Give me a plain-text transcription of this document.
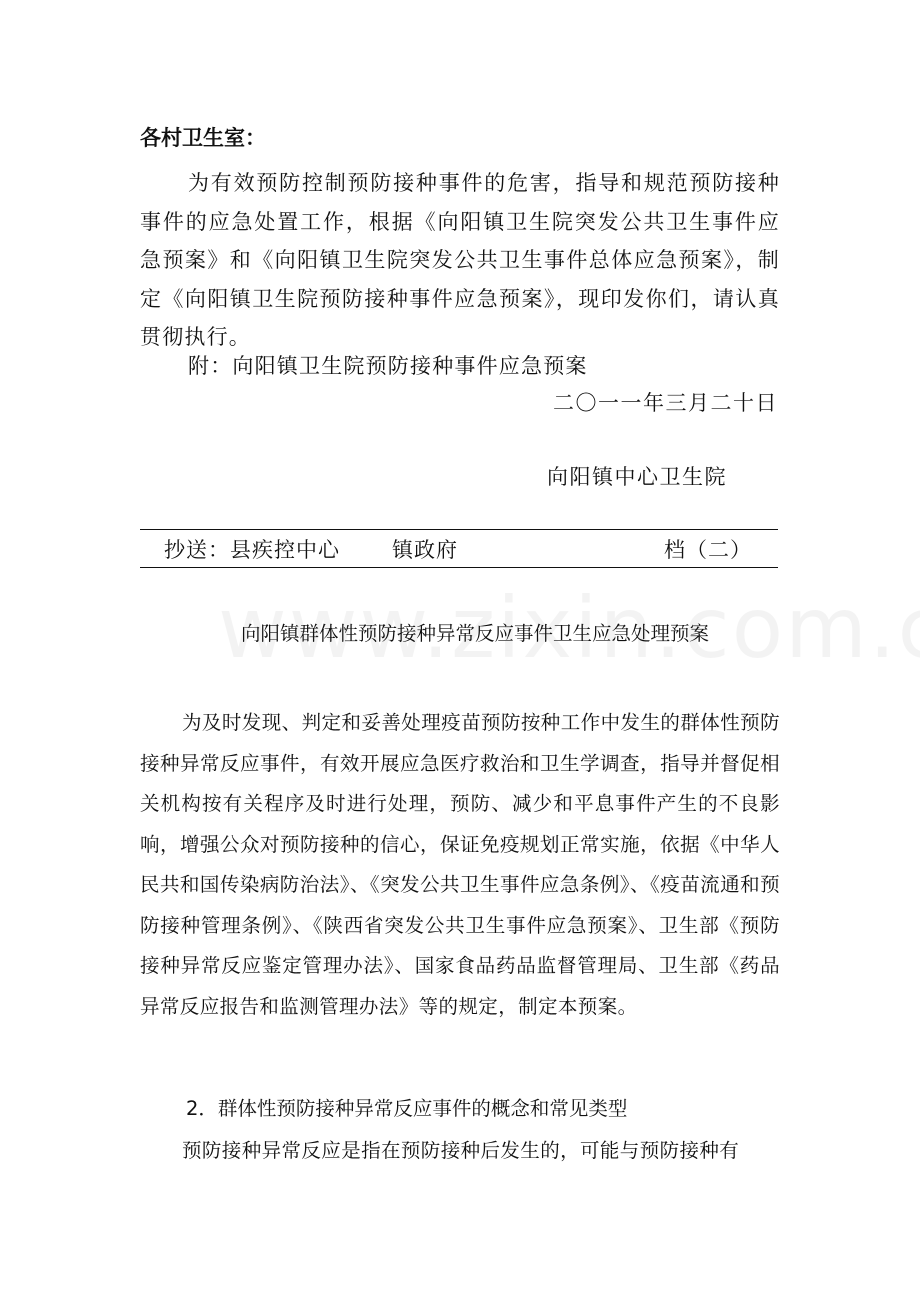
各村卫生室：

为有效预防控制预防接种事件的危害，指导和规范预防接种事件的应急处置工作，根据《向阳镇卫生院突发公共卫生事件应急预案》和《向阳镇卫生院突发公共卫生事件总体应急预案》，制定《向阳镇卫生院预防接种事件应急预案》，现印发你们，请认真贯彻执行。

附：向阳镇卫生院预防接种事件应急预案
二〇一一年三月二十日
向阳镇中心卫生院
抄送：县疾控中心 镇政府	档（二）
向阳镇群体性预防接种异常反应事件卫生应急处理预案

为及时发现、判定和妥善处理疫苗预防按种工作中发生的群体性预防接种异常反应事件，有效开展应急医疗救治和卫生学调查，指导并督促相关机构按有关程序及时进行处理，预防、减少和平息事件产生的不良影响，增强公众对预防接种的信心，保证免疫规划正常实施，依据《中华人民共和国传染病防治法》、《突发公共卫生事件应急条例》、《疫苗流通和预防接种管理条例》、《陕西省突发公共卫生事件应急预案》、卫生部《预防接种异常反应鉴定管理办法》、国家食品药品监督管理局、卫生部《药品异常反应报告和监测管理办法》等的规定，制定本预案。

2．群体性预防接种异常反应事件的概念和常见类型
预防接种异常反应是指在预防接种后发生的，可能与预防接种有
